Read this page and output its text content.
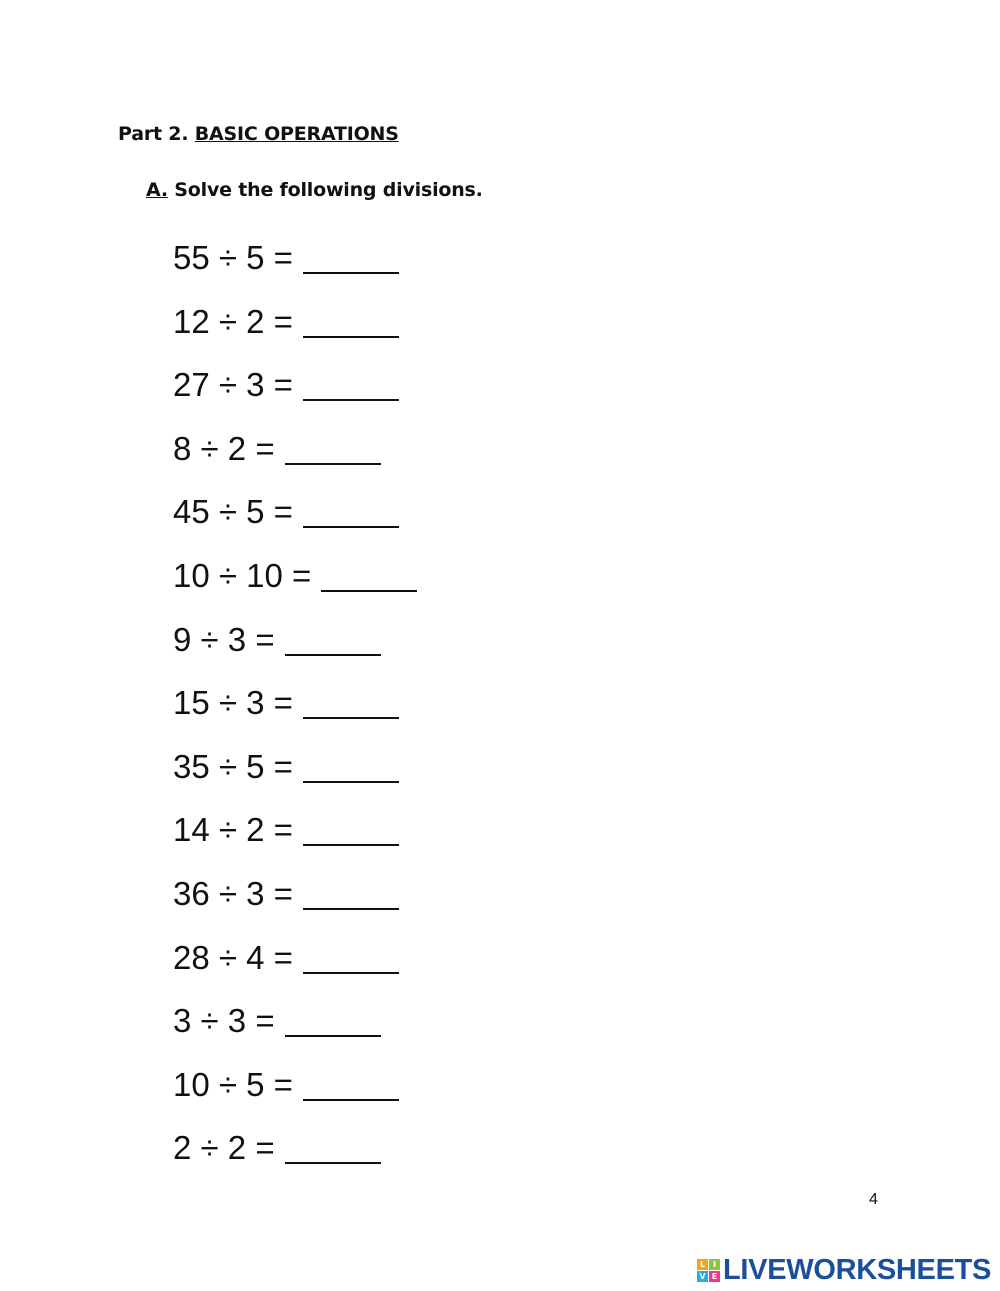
Part 2. BASIC OPERATIONS
A. Solve the following divisions.
55 ÷ 5 =
12 ÷ 2 =
27 ÷ 3 =
8 ÷ 2 =
45 ÷ 5 =
10 ÷ 10 =
9 ÷ 3 =
15 ÷ 3 =
35 ÷ 5 =
14 ÷ 2 =
36 ÷ 3 =
28 ÷ 4 =
3 ÷ 3 =
10 ÷ 5 =
2 ÷ 2 =
4
L I
V E LIVEWORKSHEETS
